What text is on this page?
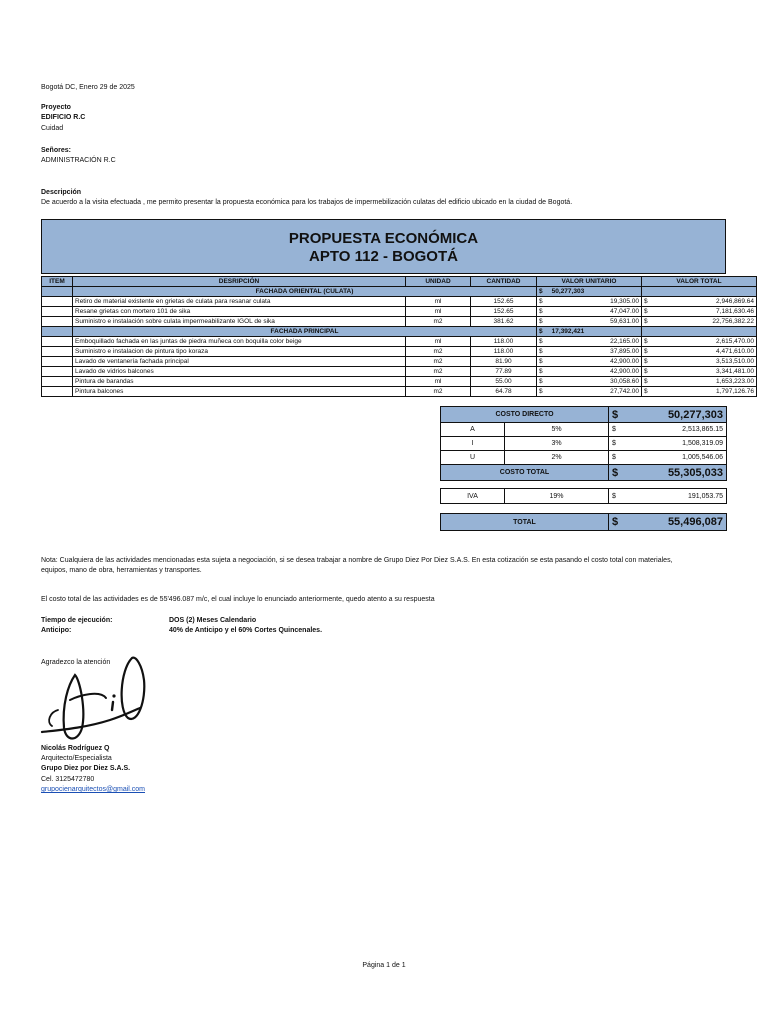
Bogotá DC, Enero 29 de 2025
Proyecto
EDIFICIO R.C
Cuidad
Señores:
ADMINISTRACIÓN R.C
Descripción
De acuerdo a la visita efectuada , me permito presentar la propuesta económica para los trabajos de impermebilización culatas del edificio ubicado en la ciudad de Bogotá.
PROPUESTA ECONÓMICA
APTO 112 - BOGOTÁ
ITEM	DESRIPCIÓN	UNIDAD	CANTIDAD	VALOR UNITARIO	VALOR TOTAL
	FACHADA ORIENTAL (CULATA)			$ 50,277,303	

	Retiro de material existente en grietas de culata para resanar culata	ml	152.65	$ 19,305.00	$ 2,946,869.64

	Resane grietas con mortero 101 de sika	ml	152.65	$ 47,047.00	$ 7,181,630.46

	Suministro e instalación sobre culata impermeabilizante IGOL de sika	m2	381.62	$ 59,631.00	$ 22,756,382.22

	FACHADA PRINCIPAL			$ 17,392,421	

	Emboquillado fachada en las juntas de piedra muñeca con boquilla color beige	ml	118.00	$ 22,165.00	$ 2,615,470.00

	Suministro e instalacion de pintura tipo koraza	m2	118.00	$ 37,895.00	$ 4,471,610.00

	Lavado de ventanería fachada principal	m2	81.90	$ 42,900.00	$ 3,513,510.00

	Lavado de vidrios balcones	m2	77.89	$ 42,900.00	$ 3,341,481.00

	Pintura de barandas	ml	55.00	$ 30,058.60	$ 1,653,223.00

	Pintura balcones	m2	64.78	$ 27,742.00	$ 1,797,126.76
COSTO DIRECTO		$ 50,277,303

A	5%	$ 2,513,865.15

I	3%	$ 1,508,319.09

U	2%	$ 1,005,546.06

COSTO TOTAL		$ 55,305,033
IVA	19%	$	191,053.75
TOTAL	$	55,496,087
Nota: Cualquiera de las actividades mencionadas esta sujeta a negociación, si se desea trabajar a nombre de Grupo Diez Por Diez S.A.S. En esta cotización se esta pasando el costo total con materiales,
equipos, mano de obra, herramientas y transportes.
El costo total de las actividades es de 55'496.087 m/c, el cual incluye lo enunciado anteriormente, quedo atento a su respuesta
Tiempo de ejecución:	DOS (2) Meses Calendario
Anticipo:	40% de Anticipo y el 60% Cortes Quincenales.
Agradezco la atención
Nicolás Rodríguez Q
Arquitecto/Especialista
Grupo Diez por Diez S.A.S.
Cel. 3125472780
grupocienarquitectos@gmail.com
Página 1 de 1
